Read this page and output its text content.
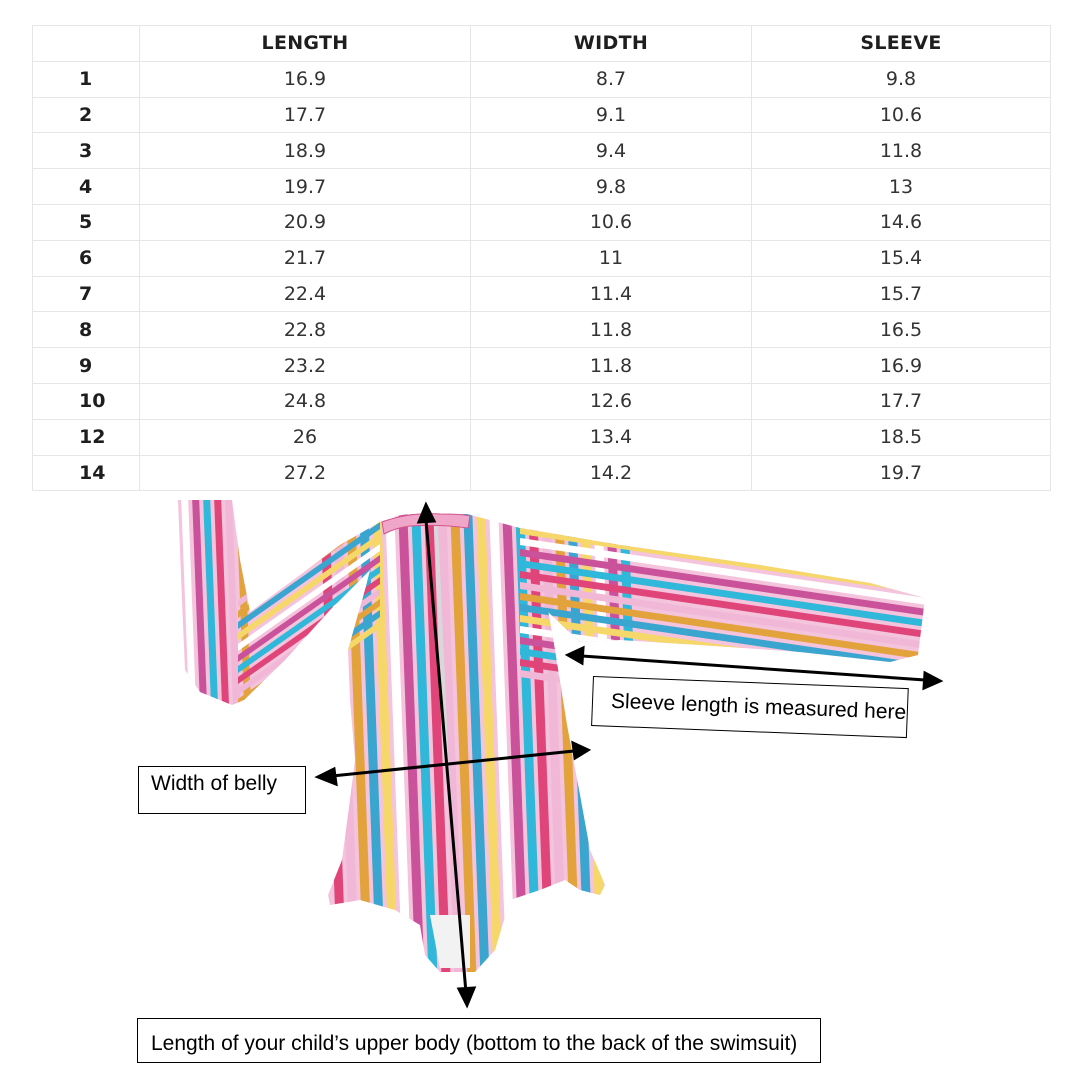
	LENGTH	WIDTH	SLEEVE
1	16.9	8.7	9.8
2	17.7	9.1	10.6
3	18.9	9.4	11.8
4	19.7	9.8	13
5	20.9	10.6	14.6
6	21.7	11	15.4
7	22.4	11.4	15.7
8	22.8	11.8	16.5
9	23.2	11.8	16.9
10	24.8	12.6	17.7
12	26	13.4	18.5
14	27.2	14.2	19.7
Sleeve length is measured here
Width of belly
Length of your child’s upper body (bottom to the back of the swimsuit)
